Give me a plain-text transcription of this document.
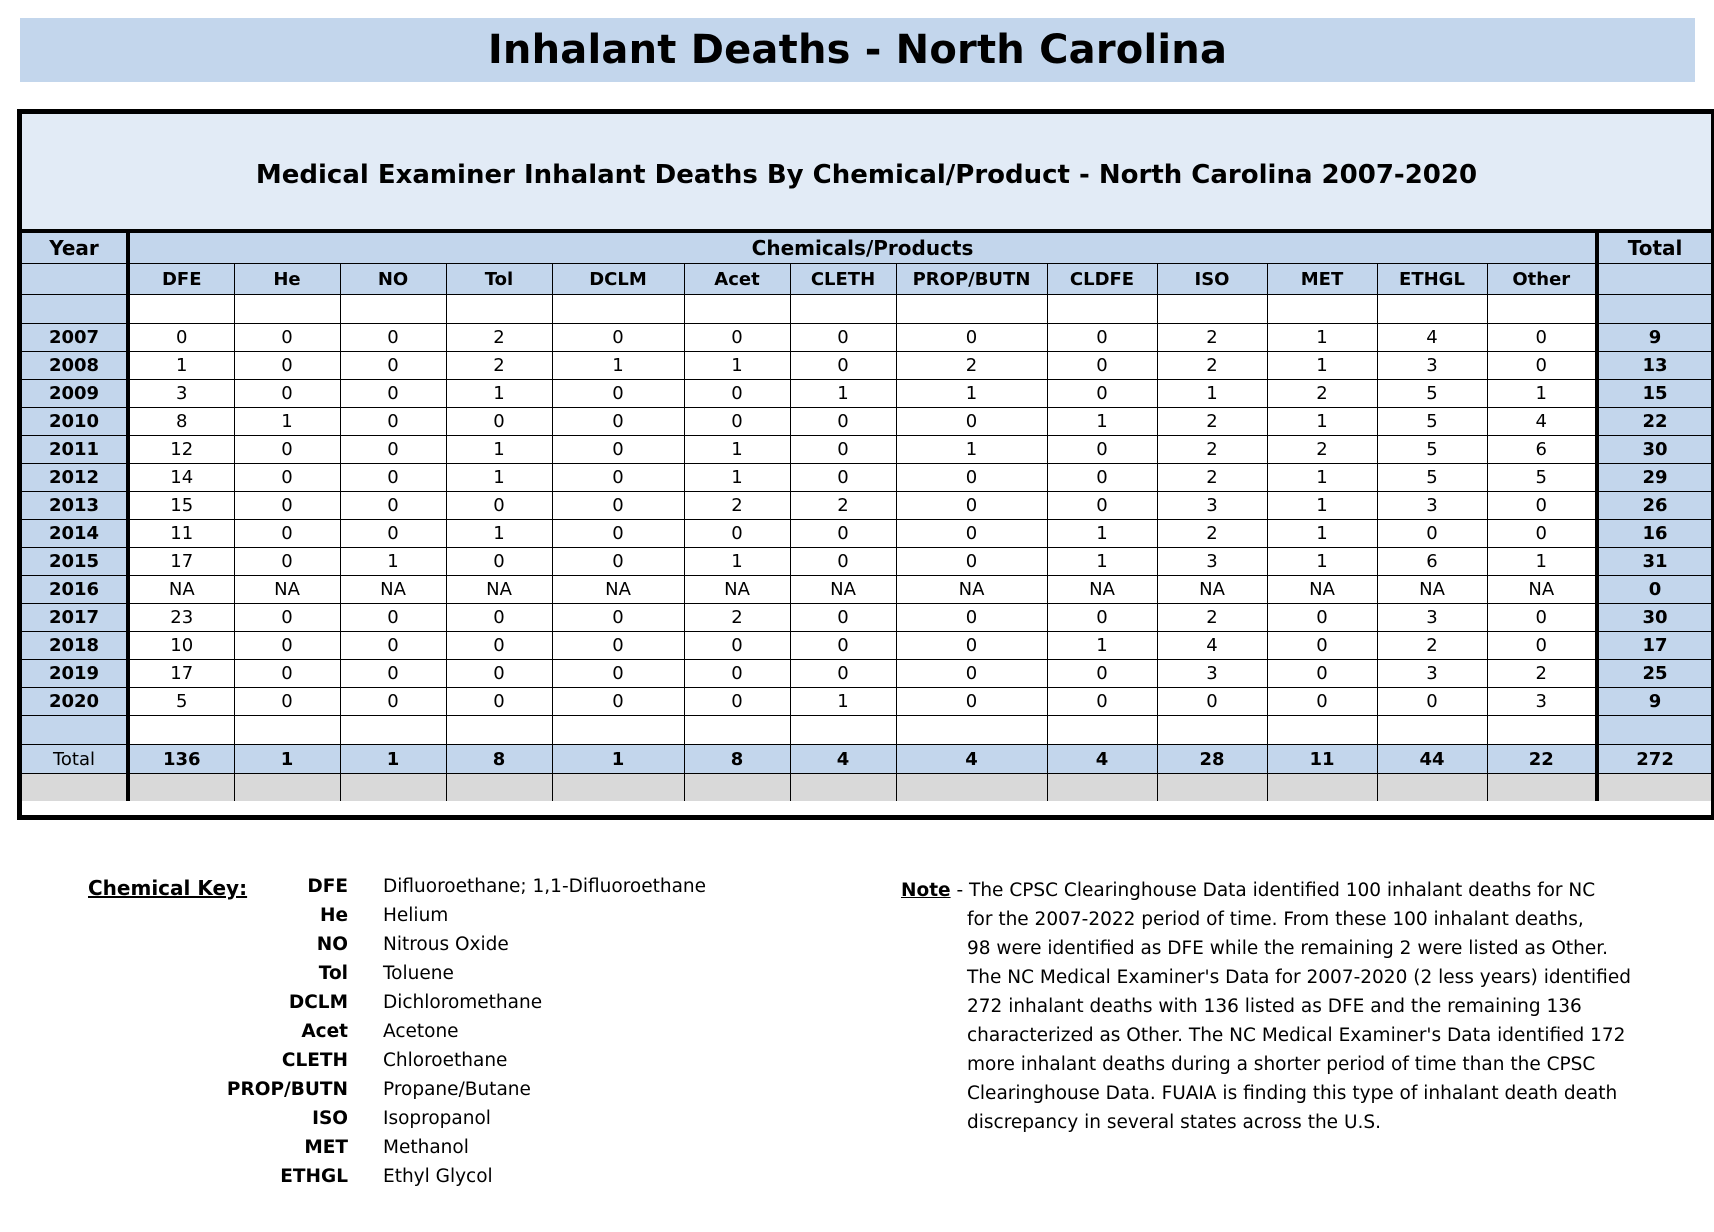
Inhalant Deaths - North Carolina
Medical Examiner Inhalant Deaths By Chemical/Product - North Carolina 2007-2020
Year	Chemicals/Products													Total
	DFE	He	NO	Tol	DCLM	Acet	CLETH	PROP/BUTN	CLDFE	ISO	MET	ETHGL	Other	

2007	0	0	0	2	0	0	0	0	0	2	1	4	0	9
2008	1	0	0	2	1	1	0	2	0	2	1	3	0	13
2009	3	0	0	1	0	0	1	1	0	1	2	5	1	15
2010	8	1	0	0	0	0	0	0	1	2	1	5	4	22
2011	12	0	0	1	0	1	0	1	0	2	2	5	6	30
2012	14	0	0	1	0	1	0	0	0	2	1	5	5	29
2013	15	0	0	0	0	2	2	0	0	3	1	3	0	26
2014	11	0	0	1	0	0	0	0	1	2	1	0	0	16
2015	17	0	1	0	0	1	0	0	1	3	1	6	1	31
2016	NA	NA	NA	NA	NA	NA	NA	NA	NA	NA	NA	NA	NA	0
2017	23	0	0	0	0	2	0	0	0	2	0	3	0	30
2018	10	0	0	0	0	0	0	0	1	4	0	2	0	17
2019	17	0	0	0	0	0	0	0	0	3	0	3	2	25
2020	5	0	0	0	0	0	1	0	0	0	0	0	3	9

Total	136	1	1	8	1	8	4	4	4	28	11	44	22	272

Chemical Key:	DFE Difluoroethane; 1,1-Difluoroethane
He Helium
NO Nitrous Oxide
Tol Toluene
DCLM Dichloromethane
Acet Acetone
CLETH Chloroethane
PROP/BUTN Propane/Butane
ISO Isopropanol
MET Methanol
ETHGL Ethyl Glycol
Note - The CPSC Clearinghouse Data identified 100 inhalant deaths for NC
for the 2007-2022 period of time. From these 100 inhalant deaths,
98 were identified as DFE while the remaining 2 were listed as Other.
The NC Medical Examiner's Data for 2007-2020 (2 less years) identified
272 inhalant deaths with 136 listed as DFE and the remaining 136
characterized as Other. The NC Medical Examiner's Data identified 172
more inhalant deaths during a shorter period of time than the CPSC
Clearinghouse Data. FUAIA is finding this type of inhalant death death
discrepancy in several states across the U.S.
